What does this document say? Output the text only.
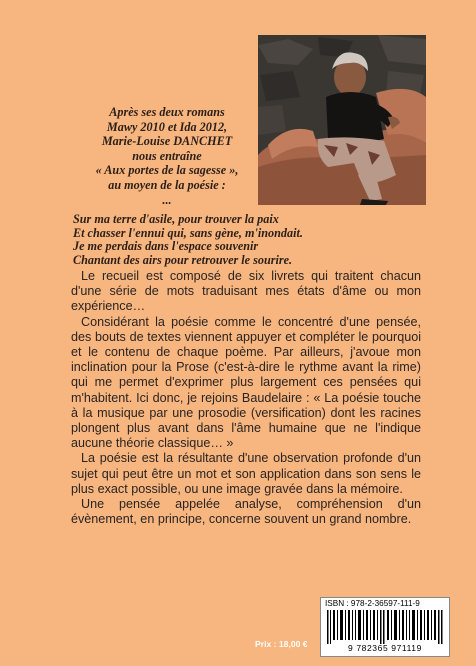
Après ses deux romans
Mawy 2010 et Ida 2012,
Marie-Louise DANCHET
nous entraîne
« Aux portes de la sagesse »,
au moyen de la poésie :
...
Sur ma terre d'asile, pour trouver la paix
Et chasser l'ennui qui, sans gène, m'inondait.
Je me perdais dans l'espace souvenir
Chantant des airs pour retrouver le sourire.

Le recueil est composé de six livrets qui traitent chacun d'une série de mots traduisant mes états d'âme ou mon expérience…

Considérant la poésie comme le concentré d'une pensée, des bouts de textes viennent appuyer et compléter le pourquoi et le contenu de chaque poème. Par ailleurs, j'avoue mon inclination pour la Prose (c'est-à-dire le rythme avant la rime) qui me permet d'exprimer plus largement ces pensées qui m'habitent. Ici donc, je rejoins Baudelaire : « La poésie touche à la musique par une prosodie (versification) dont les racines plongent plus avant dans l'âme humaine que ne l'indique aucune théorie classique… »

La poésie est la résultante d'une observation profonde d'un sujet qui peut être un mot et son application dans son sens le plus exact possible, ou une image gravée dans la mémoire.

Une pensée appelée analyse, compréhension d'un évènement, en principe, concerne souvent un grand nombre.

ISBN : 978-2-36597-111-9
9 782365 971119
Prix : 18,00 €
